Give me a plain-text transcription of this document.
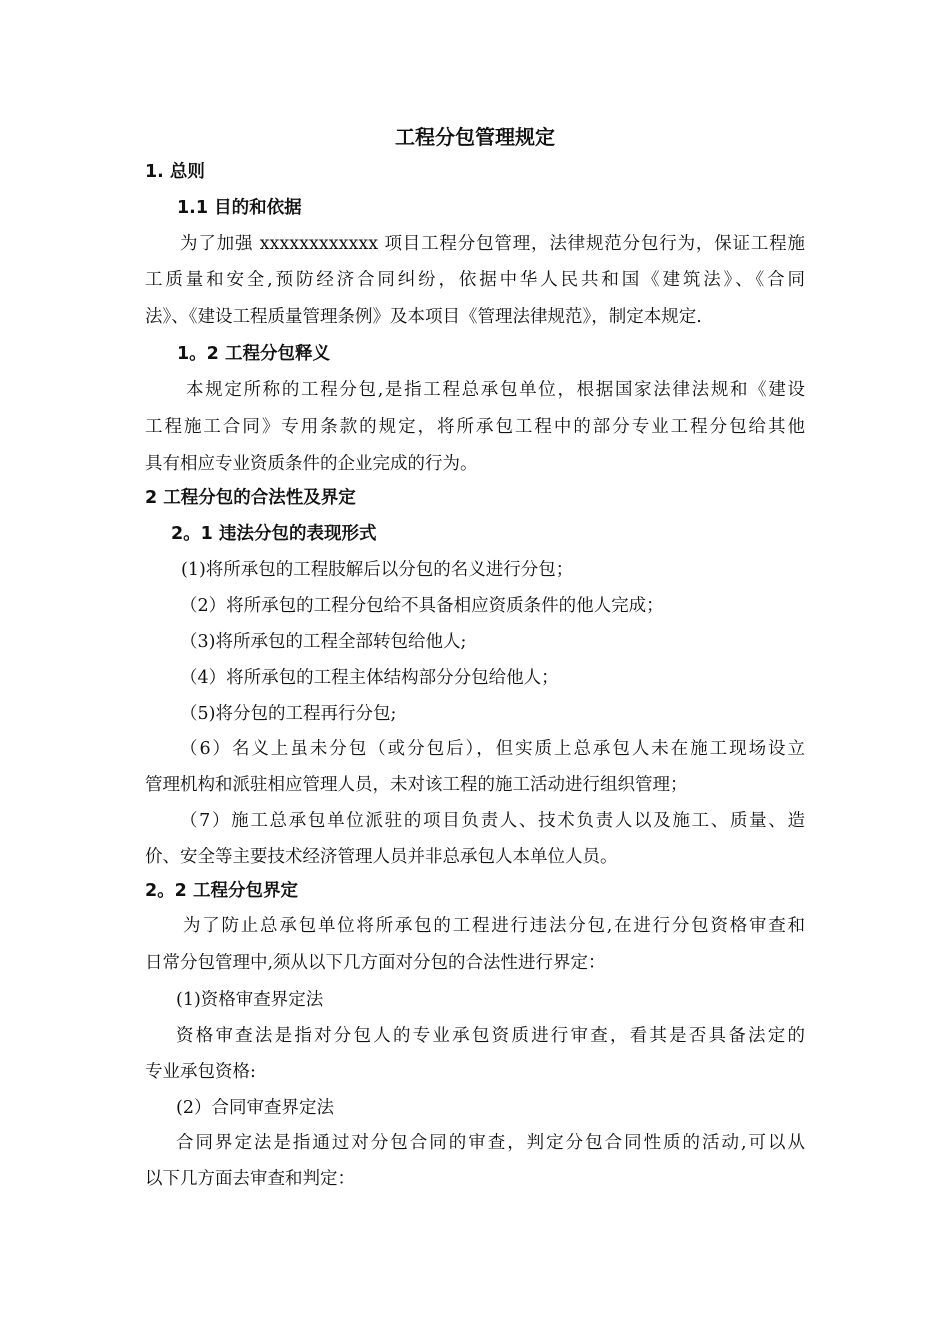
工程分包管理规定
1. 总则
1.1 目的和依据
为了加强 xxxxxxxxxxxx 项目工程分包管理，法律规范分包行为，保证工程施
工质量和安全,预防经济合同纠纷，依据中华人民共和国《建筑法》、《合同
法》、《建设工程质量管理条例》及本项目《管理法律规范》，制定本规定.
1。2 工程分包释义
本规定所称的工程分包,是指工程总承包单位，根据国家法律法规和《建设
工程施工合同》专用条款的规定，将所承包工程中的部分专业工程分包给其他
具有相应专业资质条件的企业完成的行为。
2 工程分包的合法性及界定
2。1 违法分包的表现形式
(1)将所承包的工程肢解后以分包的名义进行分包；
（2）将所承包的工程分包给不具备相应资质条件的他人完成；
（3)将所承包的工程全部转包给他人;
（4）将所承包的工程主体结构部分分包给他人；
（5)将分包的工程再行分包;
（6）名义上虽未分包（或分包后），但实质上总承包人未在施工现场设立
管理机构和派驻相应管理人员，未对该工程的施工活动进行组织管理；
（7）施工总承包单位派驻的项目负责人、技术负责人以及施工、质量、造
价、安全等主要技术经济管理人员并非总承包人本单位人员。
2。2 工程分包界定
为了防止总承包单位将所承包的工程进行违法分包,在进行分包资格审查和
日常分包管理中,须从以下几方面对分包的合法性进行界定：
(1)资格审查界定法
资格审查法是指对分包人的专业承包资质进行审查，看其是否具备法定的
专业承包资格:
(2）合同审查界定法
合同界定法是指通过对分包合同的审查，判定分包合同性质的活动,可以从
以下几方面去审查和判定：
